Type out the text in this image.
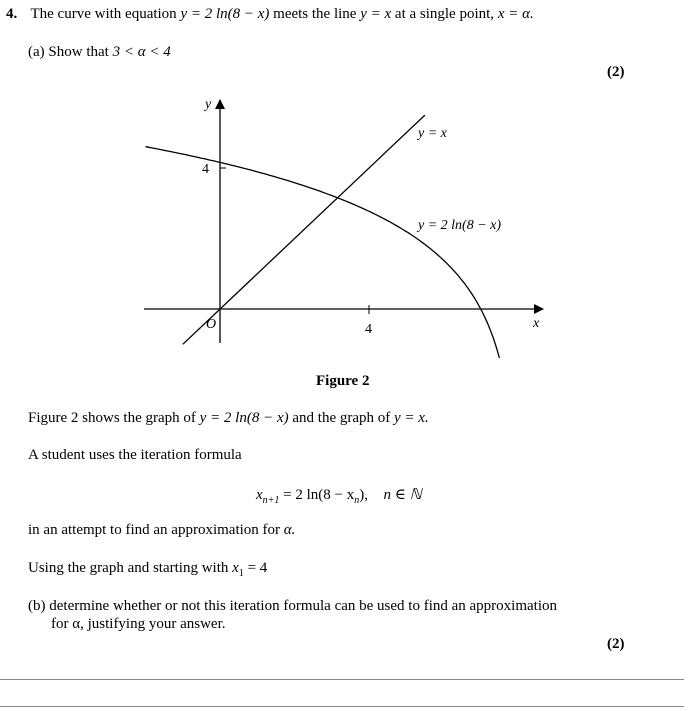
4. The curve with equation y = 2 ln(8 − x) meets the line y = x at a single point, x = α.
(a) Show that 3 < α < 4
(2)
y
x
O
4
4
y = x
y = 2 ln(8 − x)
Figure 2
Figure 2 shows the graph of y = 2 ln(8 − x) and the graph of y = x.
A student uses the iteration formula
$x_{n+1} = 2$ $\ln(8 - x_n)$, n ∈ ℕ
in an attempt to find an approximation for α.
Using the graph and starting with $x_1 = 4$
(b) determine whether or not this iteration formula can be used to find an approximation
for α, justifying your answer.
(2)
